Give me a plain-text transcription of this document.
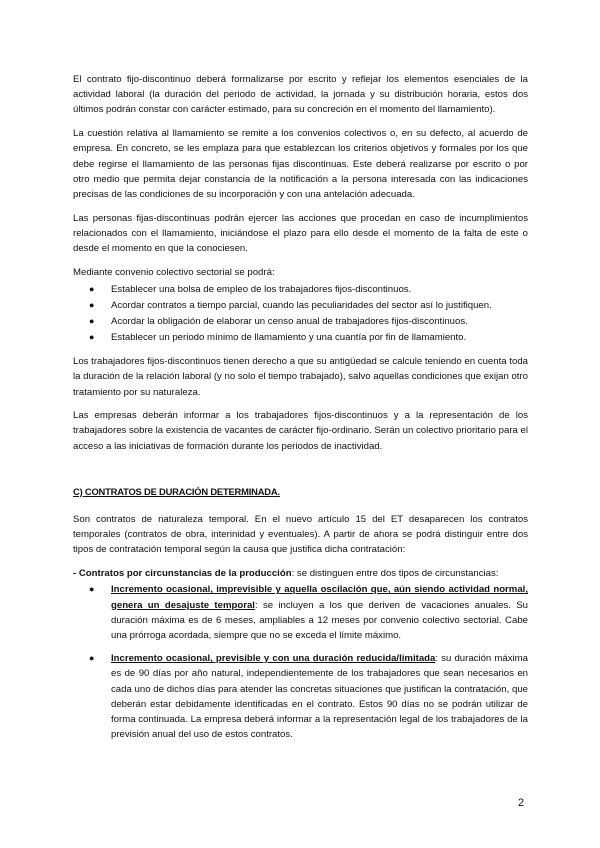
El contrato fijo-discontinuo deberá formalizarse por escrito y reflejar los elementos esenciales de la actividad laboral (la duración del periodo de actividad, la jornada y su distribución horaria, estos dos últimos podrán constar con carácter estimado, para su concreción en el momento del llamamiento).

La cuestión relativa al llamamiento se remite a los convenios colectivos o, en su defecto, al acuerdo de empresa. En concreto, se les emplaza para que establezcan los criterios objetivos y formales por los que debe regirse el llamamiento de las personas fijas discontinuas. Este deberá realizarse por escrito o por otro medio que permita dejar constancia de la notificación a la persona interesada con las indicaciones precisas de las condiciones de su incorporación y con una antelación adecuada.

Las personas fijas-discontinuas podrán ejercer las acciones que procedan en caso de incumplimientos relacionados con el llamamiento, iniciándose el plazo para ello desde el momento de la falta de este o desde el momento en que la conociesen.

Mediante convenio colectivo sectorial se podrá:

● Establecer una bolsa de empleo de los trabajadores fijos-discontinuos.
● Acordar contratos a tiempo parcial, cuando las peculiaridades del sector así lo justifiquen.
● Acordar la obligación de elaborar un censo anual de trabajadores fijos-discontinuos.
● Establecer un periodo mínimo de llamamiento y una cuantía por fin de llamamiento.

Los trabajadores fijos-discontinuos tienen derecho a que su antigüedad se calcule teniendo en cuenta toda la duración de la relación laboral (y no solo el tiempo trabajado), salvo aquellas condiciones que exijan otro tratamiento por su naturaleza.

Las empresas deberán informar a los trabajadores fijos-discontinuos y a la representación de los trabajadores sobre la existencia de vacantes de carácter fijo-ordinario. Serán un colectivo prioritario para el acceso a las iniciativas de formación durante los periodos de inactividad.

C) CONTRATOS DE DURACIÓN DETERMINADA.

Son contratos de naturaleza temporal. En el nuevo artículo 15 del ET desaparecen los contratos temporales (contratos de obra, interinidad y eventuales). A partir de ahora se podrá distinguir entre dos tipos de contratación temporal según la causa que justifica dicha contratación:

- Contratos por circunstancias de la producción: se distinguen entre dos tipos de circunstancias:

● Incremento ocasional, imprevisible y aquella oscilación que, aún siendo actividad normal, genera un desajuste temporal: se incluyen a los que deriven de vacaciones anuales. Su duración máxima es de 6 meses, ampliables a 12 meses por convenio colectivo sectorial. Cabe una prórroga acordada, siempre que no se exceda el límite máximo.
● Incremento ocasional, previsible y con una duración reducida/limitada: su duración máxima es de 90 días por año natural, independientemente de los trabajadores que sean necesarios en cada uno de dichos días para atender las concretas situaciones que justifican la contratación, que deberán estar debidamente identificadas en el contrato. Estos 90 días no se podrán utilizar de forma continuada. La empresa deberá informar a la representación legal de los trabajadores de la previsión anual del uso de estos contratos.
2
